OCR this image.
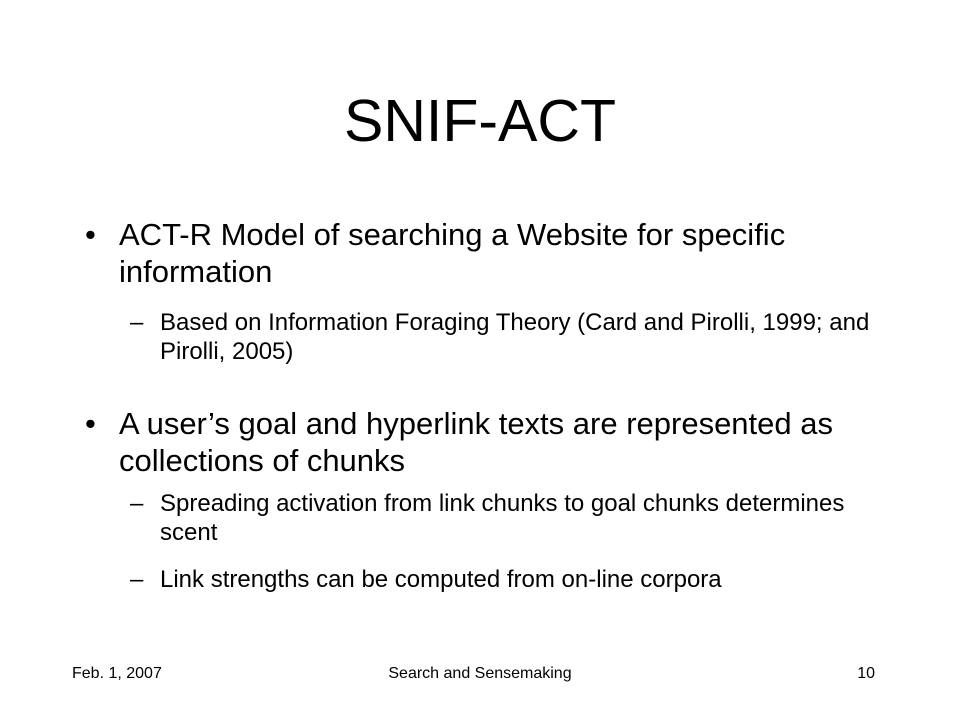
SNIF-ACT
• ACT-R Model of searching a Website for specific information
– Based on Information Foraging Theory (Card and Pirolli, 1999; and Pirolli, 2005)
• A user’s goal and hyperlink texts are represented as collections of chunks
– Spreading activation from link chunks to goal chunks determines scent
– Link strengths can be computed from on-line corpora
Feb. 1, 2007	Search and Sensemaking	10
